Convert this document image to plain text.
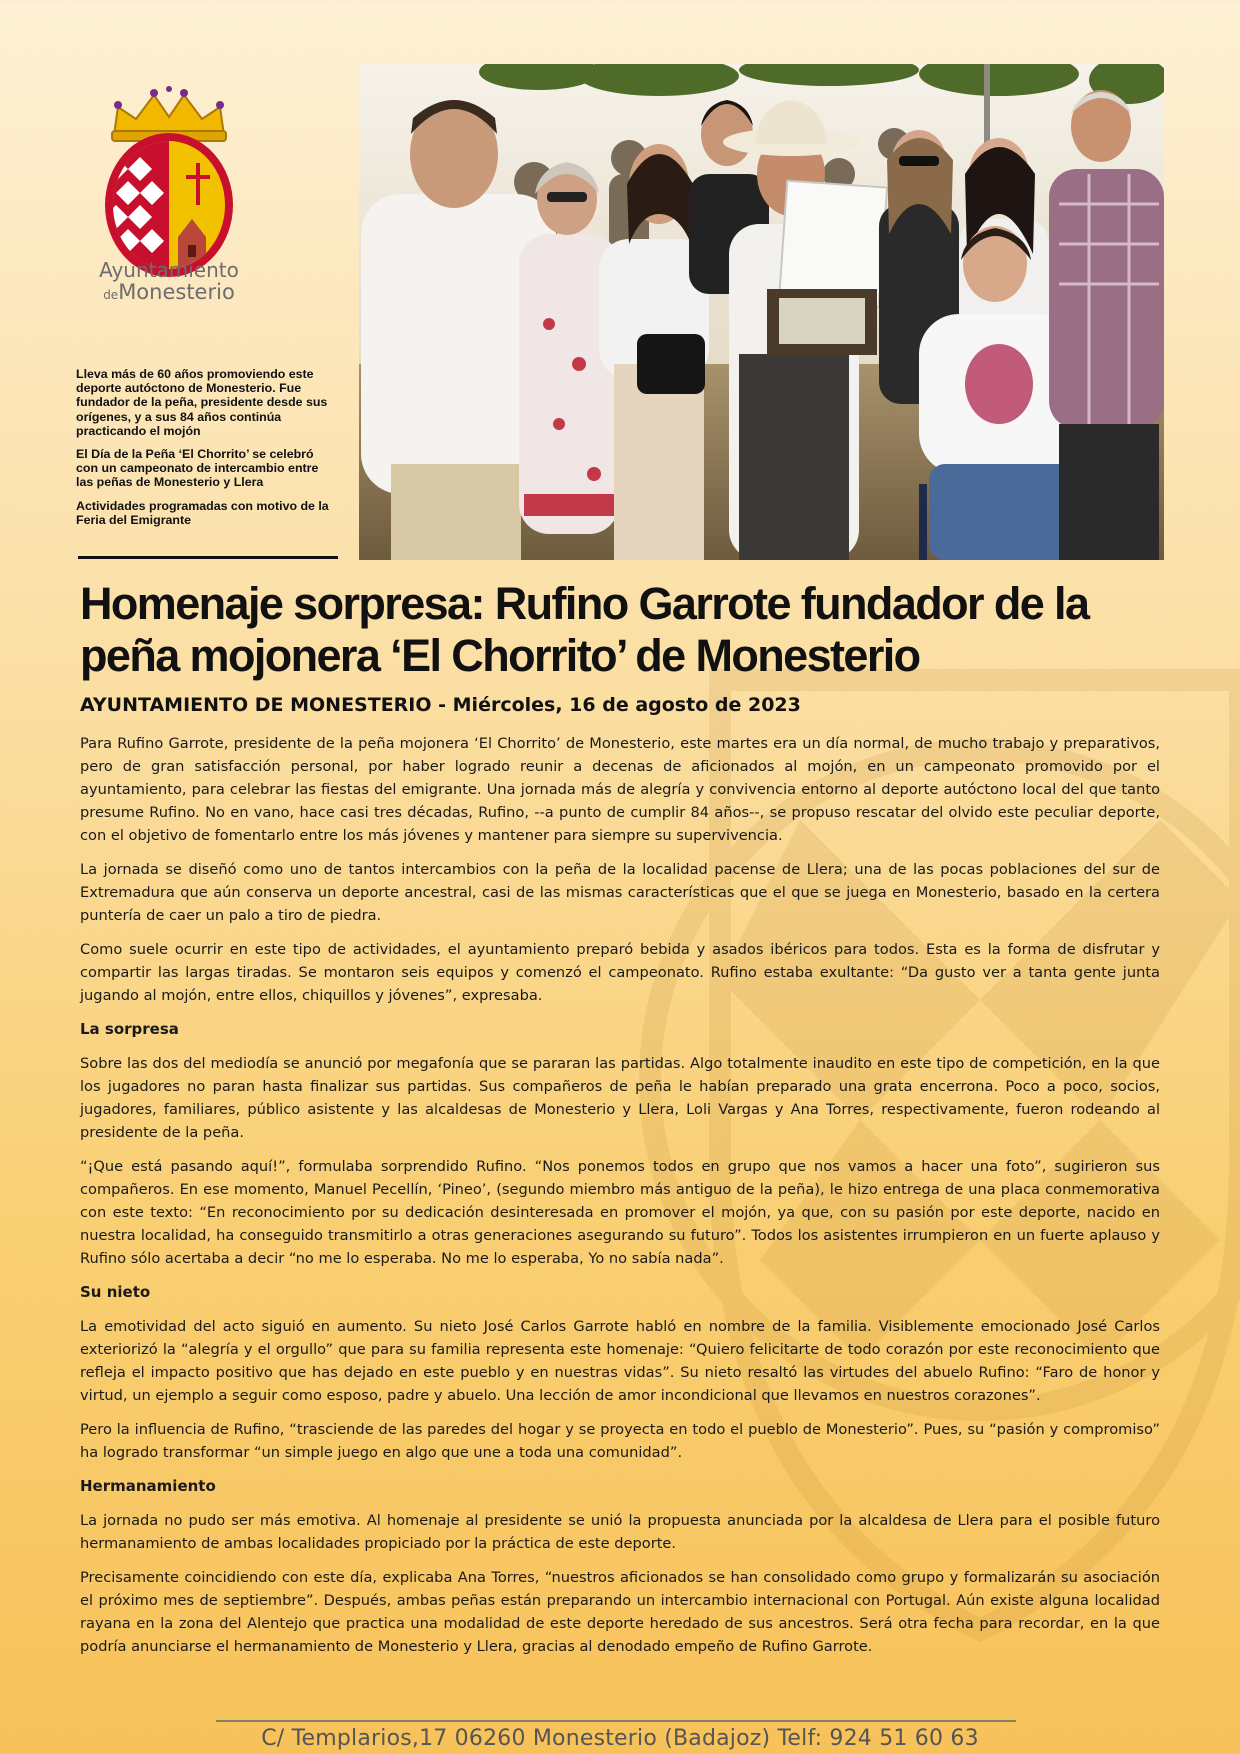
Ayuntamiento
deMonesterio

Lleva más de 60 años promoviendo este deporte autóctono de Monesterio. Fue fundador de la peña, presidente desde sus orígenes, y a sus 84 años continúa practicando el mojón

El Día de la Peña ‘El Chorrito’ se celebró con un campeonato de intercambio entre las peñas de Monesterio y Llera

Actividades programadas con motivo de la Feria del Emigrante

Homenaje sorpresa: Rufino Garrote fundador de la peña mojonera ‘El Chorrito’ de Monesterio
AYUNTAMIENTO DE MONESTERIO - Miércoles, 16 de agosto de 2023

Para Rufino Garrote, presidente de la peña mojonera ‘El Chorrito’ de Monesterio, este martes era un día normal, de mucho trabajo y preparativos, pero de gran satisfacción personal, por haber logrado reunir a decenas de aficionados al mojón, en un campeonato promovido por el ayuntamiento, para celebrar las fiestas del emigrante. Una jornada más de alegría y convivencia entorno al deporte autóctono local del que tanto presume Rufino. No en vano, hace casi tres décadas, Rufino, --a punto de cumplir 84 años--, se propuso rescatar del olvido este peculiar deporte, con el objetivo de fomentarlo entre los más jóvenes y mantener para siempre su supervivencia.

La jornada se diseñó como uno de tantos intercambios con la peña de la localidad pacense de Llera; una de las pocas poblaciones del sur de Extremadura que aún conserva un deporte ancestral, casi de las mismas características que el que se juega en Monesterio, basado en la certera puntería de caer un palo a tiro de piedra.

Como suele ocurrir en este tipo de actividades, el ayuntamiento preparó bebida y asados ibéricos para todos. Esta es la forma de disfrutar y compartir las largas tiradas. Se montaron seis equipos y comenzó el campeonato. Rufino estaba exultante: “Da gusto ver a tanta gente junta jugando al mojón, entre ellos, chiquillos y jóvenes”, expresaba.

La sorpresa

Sobre las dos del mediodía se anunció por megafonía que se pararan las partidas. Algo totalmente inaudito en este tipo de competición, en la que los jugadores no paran hasta finalizar sus partidas. Sus compañeros de peña le habían preparado una grata encerrona. Poco a poco, socios, jugadores, familiares, público asistente y las alcaldesas de Monesterio y Llera, Loli Vargas y Ana Torres, respectivamente, fueron rodeando al presidente de la peña.

“¡Que está pasando aquí!”, formulaba sorprendido Rufino. “Nos ponemos todos en grupo que nos vamos a hacer una foto”, sugirieron sus compañeros. En ese momento, Manuel Pecellín, ‘Pineo’, (segundo miembro más antiguo de la peña), le hizo entrega de una placa conmemorativa con este texto: “En reconocimiento por su dedicación desinteresada en promover el mojón, ya que, con su pasión por este deporte, nacido en nuestra localidad, ha conseguido transmitirlo a otras generaciones asegurando su futuro”. Todos los asistentes irrumpieron en un fuerte aplauso y Rufino sólo acertaba a decir “no me lo esperaba. No me lo esperaba, Yo no sabía nada”.

Su nieto

La emotividad del acto siguió en aumento. Su nieto José Carlos Garrote habló en nombre de la familia. Visiblemente emocionado José Carlos exteriorizó la “alegría y el orgullo” que para su familia representa este homenaje: “Quiero felicitarte de todo corazón por este reconocimiento que refleja el impacto positivo que has dejado en este pueblo y en nuestras vidas”. Su nieto resaltó las virtudes del abuelo Rufino: “Faro de honor y virtud, un ejemplo a seguir como esposo, padre y abuelo. Una lección de amor incondicional que llevamos en nuestros corazones”.

Pero la influencia de Rufino, “trasciende de las paredes del hogar y se proyecta en todo el pueblo de Monesterio”. Pues, su “pasión y compromiso” ha logrado transformar “un simple juego en algo que une a toda una comunidad”.

Hermanamiento

La jornada no pudo ser más emotiva. Al homenaje al presidente se unió la propuesta anunciada por la alcaldesa de Llera para el posible futuro hermanamiento de ambas localidades propiciado por la práctica de este deporte.

Precisamente coincidiendo con este día, explicaba Ana Torres, “nuestros aficionados se han consolidado como grupo y formalizarán su asociación el próximo mes de septiembre”. Después, ambas peñas están preparando un intercambio internacional con Portugal. Aún existe alguna localidad rayana en la zona del Alentejo que practica una modalidad de este deporte heredado de sus ancestros. Será otra fecha para recordar, en la que podría anunciarse el hermanamiento de Monesterio y Llera, gracias al denodado empeño de Rufino Garrote.

C/ Templarios,17 06260 Monesterio (Badajoz) Telf: 924 51 60 63
